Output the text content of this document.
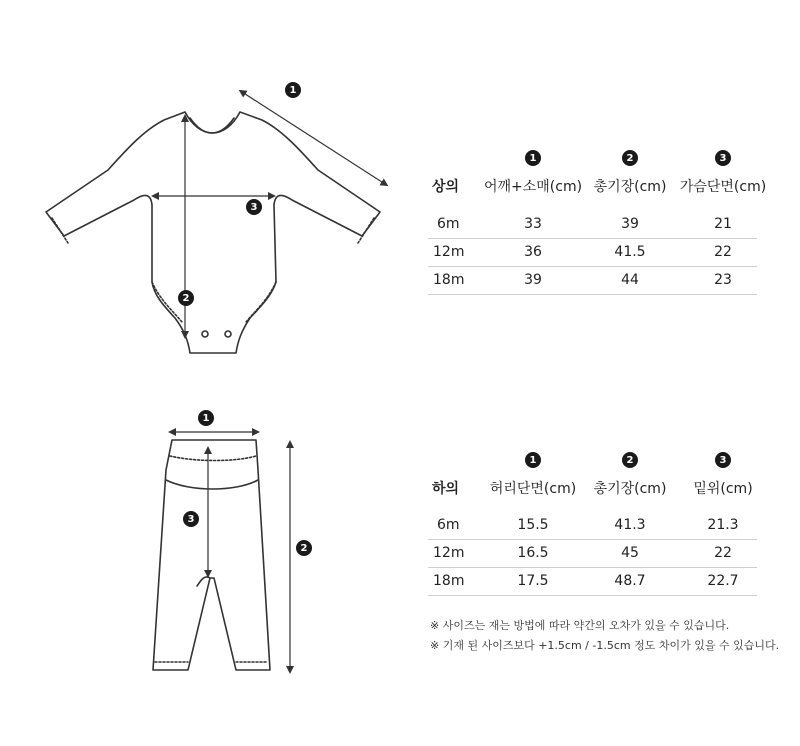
1
2
3
1
2
3
1	2	3
상의 어깨+소매(cm) 총기장(cm) 가슴단면(cm)
6m	33	39	21
12m	36	41.5	22
18m	39	44	23
1	2	3
하의 허리단면(cm) 총기장(cm) 밑위(cm)
6m	15.5	41.3	21.3
12m	16.5	45	22
18m	17.5	48.7	22.7
※ 사이즈는 재는 방법에 따라 약간의 오차가 있을 수 있습니다.
※ 기재 된 사이즈보다 +1.5cm / -1.5cm 정도 차이가 있을 수 있습니다.
